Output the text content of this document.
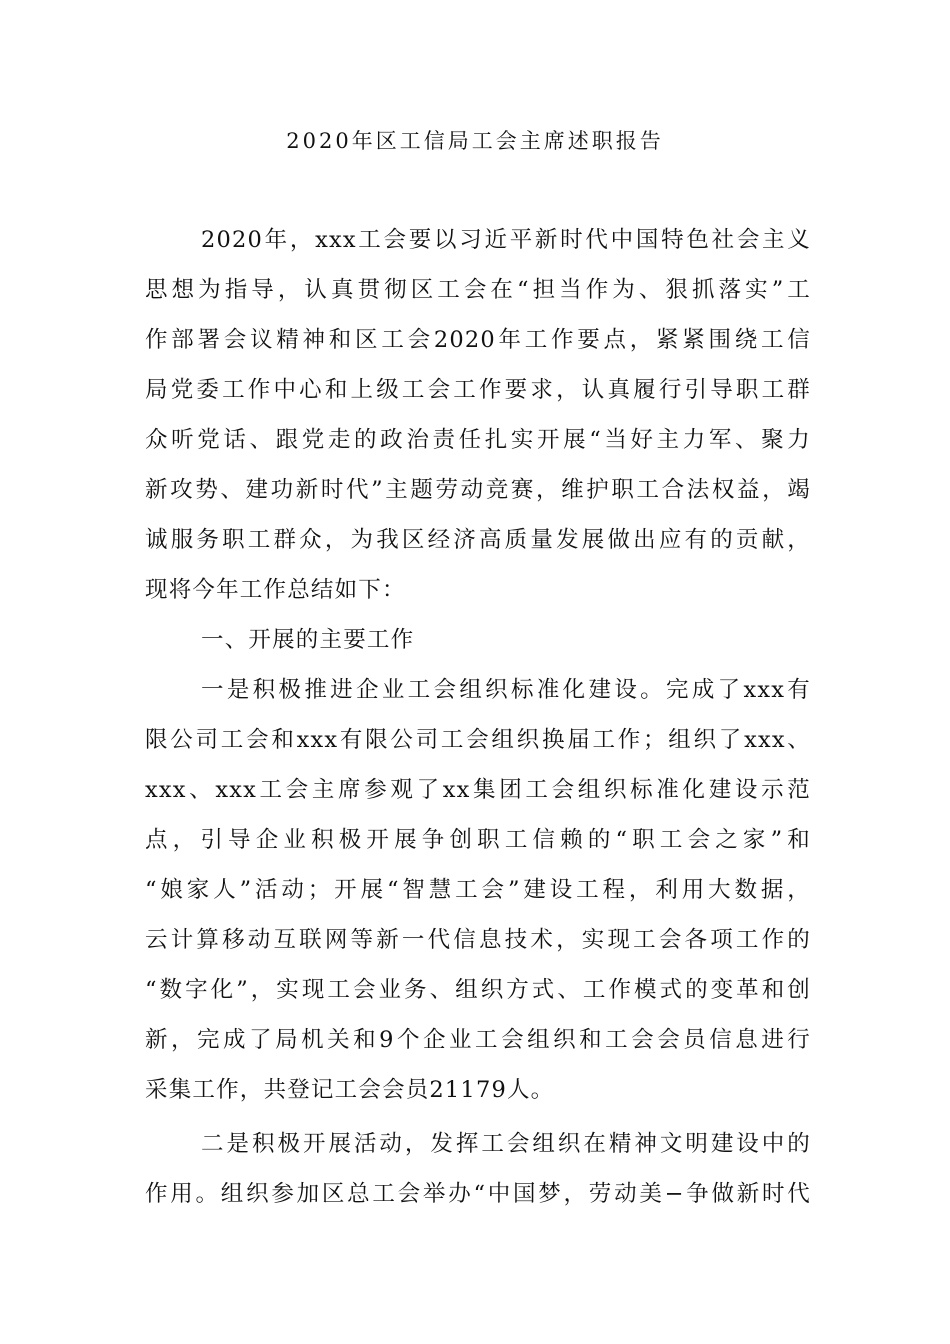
2020年区工信局工会主席述职报告
2020年，xxx工会要以习近平新时代中国特色社会主义
思想为指导，认真贯彻区工会在“担当作为、狠抓落实”工
作部署会议精神和区工会2020年工作要点，紧紧围绕工信
局党委工作中心和上级工会工作要求，认真履行引导职工群
众听党话、跟党走的政治责任扎实开展“当好主力军、聚力
新攻势、建功新时代”主题劳动竞赛，维护职工合法权益，竭
诚服务职工群众，为我区经济高质量发展做出应有的贡献，
现将今年工作总结如下：
一、开展的主要工作
一是积极推进企业工会组织标准化建设。完成了xxx有
限公司工会和xxx有限公司工会组织换届工作；组织了xxx、
xxx、xxx工会主席参观了xx集团工会组织标准化建设示范
点，引导企业积极开展争创职工信赖的“职工会之家”和
“娘家人”活动；开展“智慧工会”建设工程，利用大数据，
云计算移动互联网等新一代信息技术，实现工会各项工作的
“数字化”，实现工会业务、组织方式、工作模式的变革和创
新，完成了局机关和9个企业工会组织和工会会员信息进行
采集工作，共登记工会会员21179人。
二是积极开展活动，发挥工会组织在精神文明建设中的
作用。组织参加区总工会举办“中国梦，劳动美−争做新时代
